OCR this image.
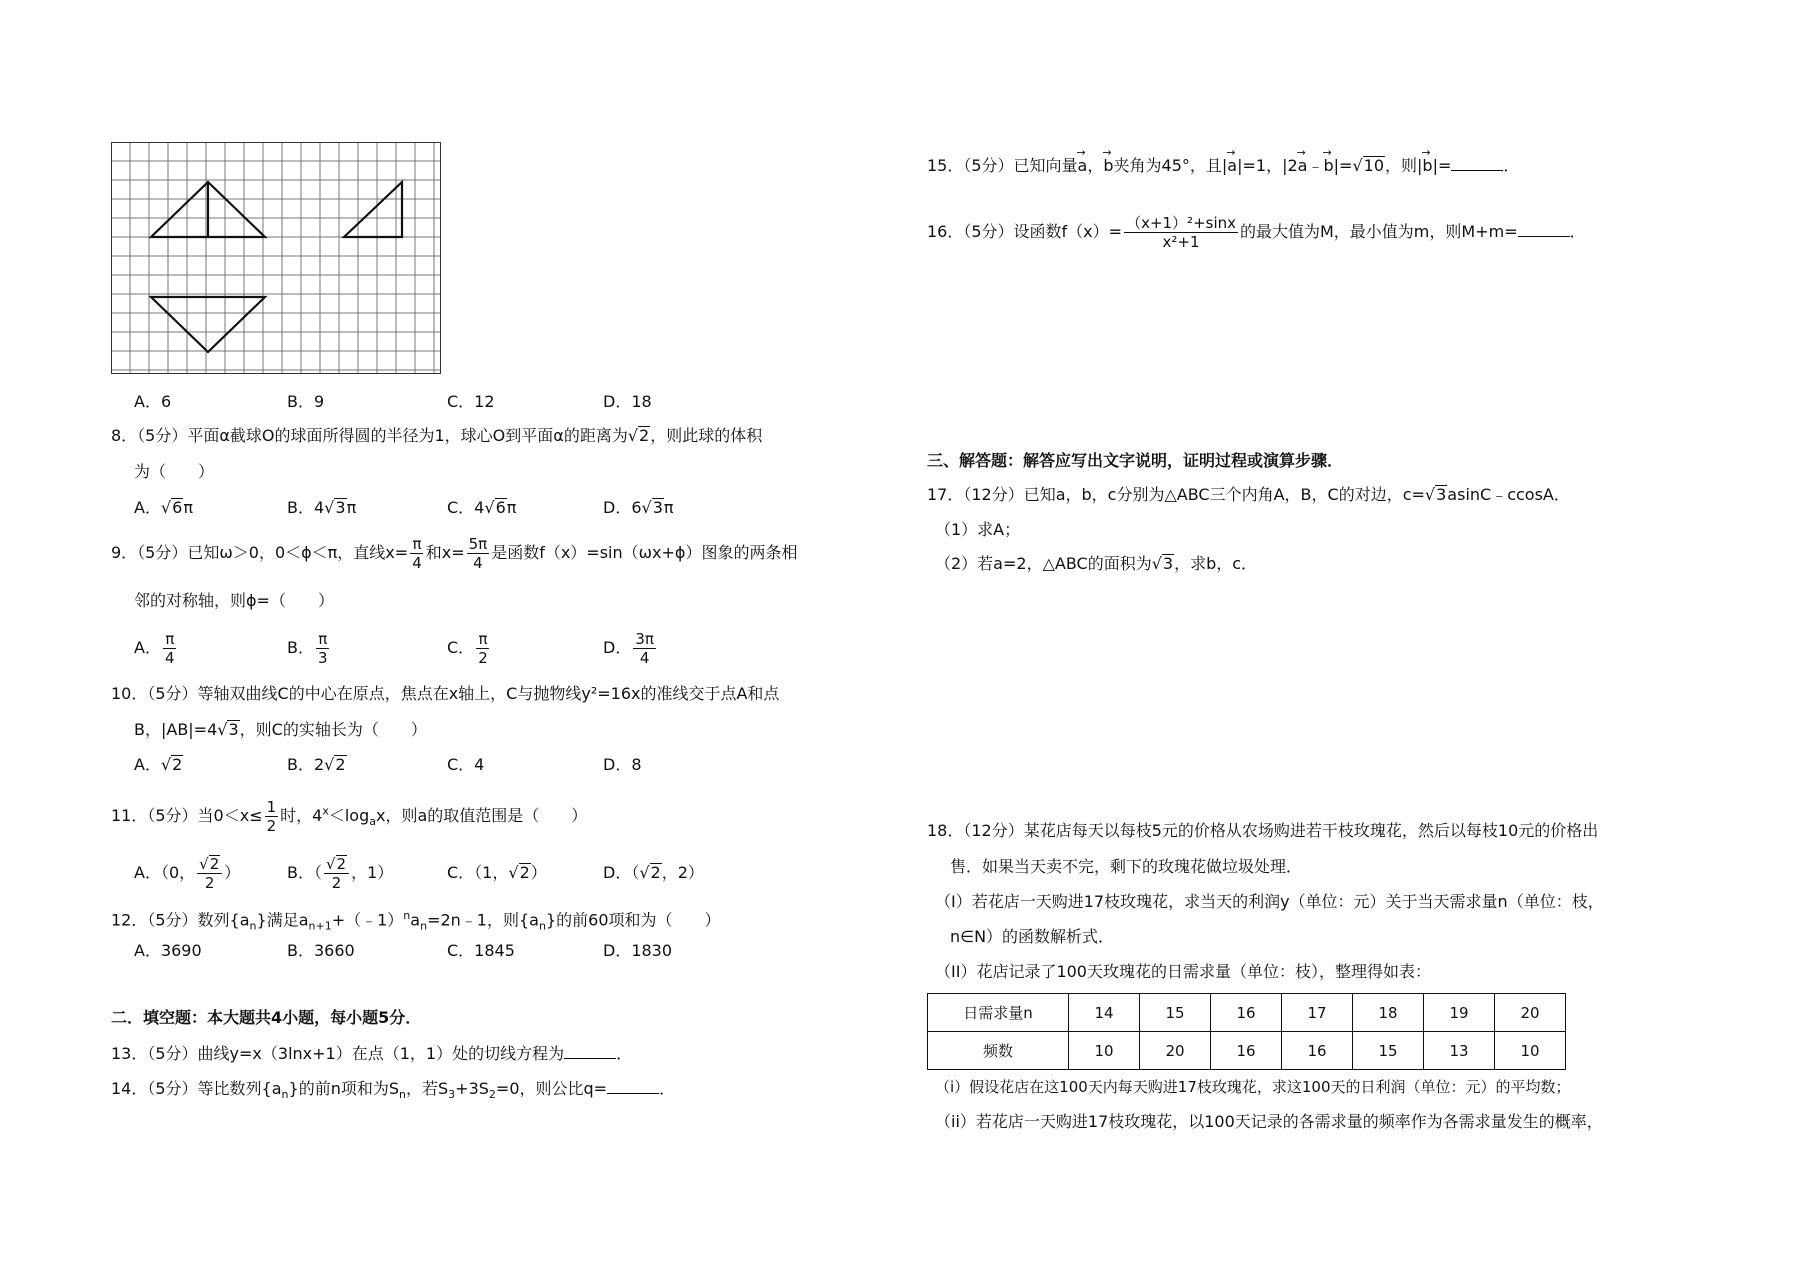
A．6	B．9	C．12	D．18
8．（5分）平面α截球O的球面所得圆的半径为1，球心O到平面α的距离为√2，则此球的体积
为（　　）
A．√6π	B．4√3π	C．4√6π	D．6√3π
9．（5分）已知ω＞0，0＜ϕ＜π，直线$x= \frac{\pi}{4}$ 和$x= \frac{5\pi}{4}$ 是函数f（x）=sin（ωx+ϕ）图象的两条相
邻的对称轴，则ϕ=（　　）
A． $\frac{\pi}{4}$	B． $\frac{\pi}{3}$	C． $\frac{\pi}{2}$	D． $\frac{3\pi}{4}$
10．（5分）等轴双曲线C的中心在原点，焦点在x轴上，C与抛物线y²=16x的准线交于点A和点
B，|AB|=4√3，则C的实轴长为（　　）
A．√2	B．2√2	C．4	D．8
11．（5分）当$0<x\le \frac{1}{2}$ 时，$4^x<\log_ax$，则a的取值范围是（　　）
A．（0， $\frac{√2}{2}$ ）	B．（ $\frac{√2}{2}$ ，1）	C．（1，√2）	D．（√2，2）
12．（5分）数列$\{a_n\}$满足$a_{n+1}+(﹣1)^na_n=2n﹣1$，则$\{a_n\}$的前60项和为（　　）
A．3690	B．3660	C．1845	D．1830
二．填空题：本大题共4小题，每小题5分．
13．（5分）曲线y=x（3lnx+1）在点（1，1）处的切线方程为	．
14．（5分）等比数列$\{a_n\}$的前n项和为$S_n$，若$S_3+3S_2=0$，则公比q=	．
15．（5分）已知向量→ a，→ b夹角为45°，且|→ a|=1，|2→ a﹣→ b|=√10，则|→ b|=	．
16．（5分）设函数$f(x)= \frac{\text{（x+1）²+sinx}}{\text{x²+1}}$ 的最大值为M，最小值为m，则M+m=	．
三、解答题：解答应写出文字说明，证明过程或演算步骤．
17．（12分）已知a，b，c分别为△ABC三个内角A，B，C的对边，c=√3asinC﹣ccosA．
（1）求A；
（2）若a=2，△ABC的面积为√3，求b，c．
18．（12分）某花店每天以每枝5元的价格从农场购进若干枝玫瑰花，然后以每枝10元的价格出
售．如果当天卖不完，剩下的玫瑰花做垃圾处理．
（I）若花店一天购进17枝玫瑰花，求当天的利润y（单位：元）关于当天需求量n（单位：枝，
n∈N）的函数解析式．
（II）花店记录了100天玫瑰花的日需求量（单位：枝），整理得如表：
日需求量n	14	15	16	17	18	19	20
频数	10	20	16	16	15	13	10
（i）假设花店在这100天内每天购进17枝玫瑰花，求这100天的日利润（单位：元）的平均数；
（ii）若花店一天购进17枝玫瑰花，以100天记录的各需求量的频率作为各需求量发生的概率，
